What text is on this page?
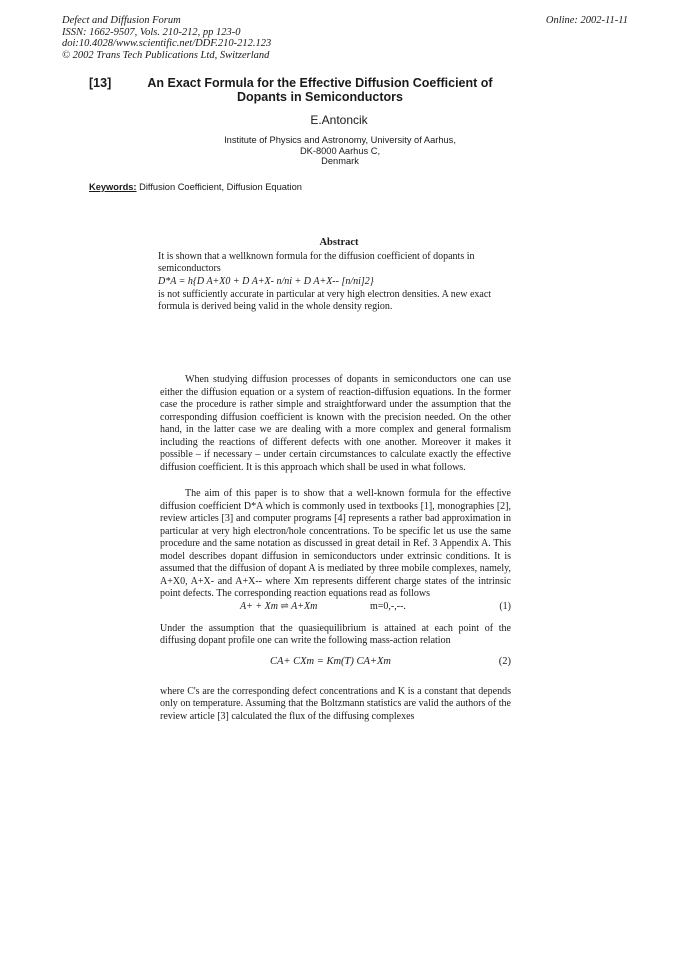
Defect and Diffusion Forum
ISSN: 1662-9507, Vols. 210-212, pp 123-0
doi:10.4028/www.scientific.net/DDF.210-212.123
© 2002 Trans Tech Publications Ltd, Switzerland
Online: 2002-11-11
[13]	An Exact Formula for the Effective Diffusion Coefficient of Dopants in Semiconductors
E.Antoncik
Institute of Physics and Astronomy, University of Aarhus,
DK-8000 Aarhus C,
Denmark
Keywords: Diffusion Coefficient, Diffusion Equation
Abstract

It is shown that a wellknown formula for the diffusion coefficient of dopants in semiconductors

D*A = h{D A+X0 + D A+X- n/ni + D A+X-- [n/ni]2}

is not sufficiently accurate in particular at very high electron densities. A new exact formula is derived being valid in the whole density region.

When studying diffusion processes of dopants in semiconductors one can use either the diffusion equation or a system of reaction-diffusion equations. In the former case the procedure is rather simple and straightforward under the assumption that the corresponding diffusion coefficient is known with the precision needed. On the other hand, in the latter case we are dealing with a more complex and general formalism including the reactions of different defects with one another. Moreover it makes it possible – if necessary – under certain circumstances to calculate exactly the effective diffusion coefficient. It is this approach which shall be used in what follows.

The aim of this paper is to show that a well-known formula for the effective diffusion coefficient D*A which is commonly used in textbooks [1], monographies [2], review articles [3] and computer programs [4] represents a rather bad approximation in particular at very high electron/hole concentrations. To be specific let us use the same procedure and the same notation as discussed in great detail in Ref. 3 Appendix A. This model describes dopant diffusion in semiconductors under extrinsic conditions. It is assumed that the diffusion of dopant A is mediated by three mobile complexes, namely, A+X0, A+X- and A+X-- where Xm represents different charge states of the intrinsic point defects. The corresponding reaction equations read as follows

A+ + Xm ⇌ A+Xm	m=0,-,--.	(1)

Under the assumption that the quasiequilibrium is attained at each point of the diffusing dopant profile one can write the following mass-action relation

CA+ CXm = Km(T) CA+Xm	(2)

where C's are the corresponding defect concentrations and K is a constant that depends only on temperature. Assuming that the Boltzmann statistics are valid the authors of the review article [3] calculated the flux of the diffusing complexes
